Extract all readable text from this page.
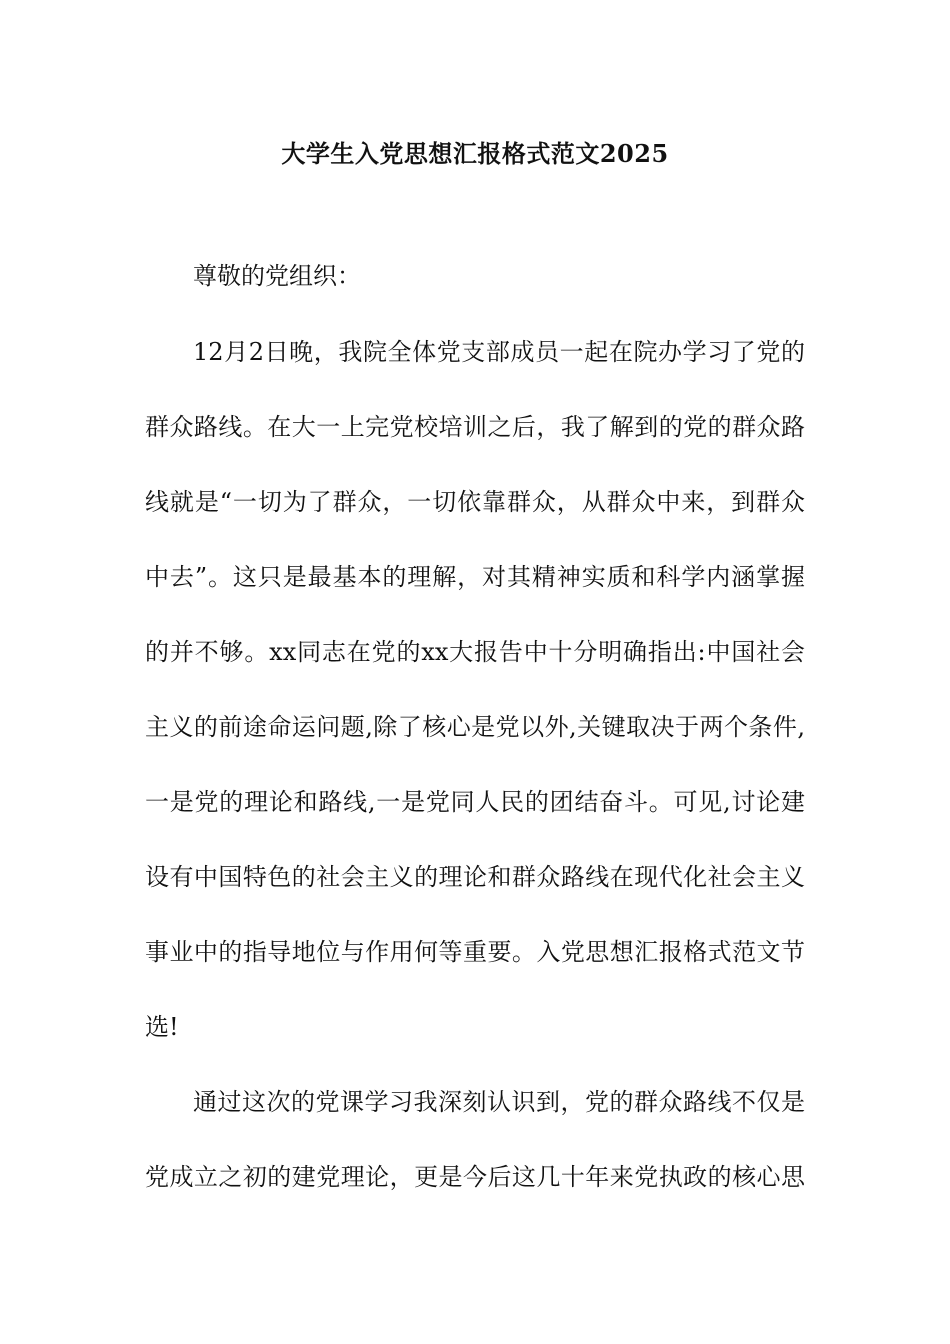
大学生入党思想汇报格式范文2025

尊敬的党组织：

12月2日晚，我院全体党支部成员一起在院办学习了党的

群众路线。在大一上完党校培训之后，我了解到的党的群众路

线就是“一切为了群众，一切依靠群众，从群众中来，到群众

中去”。这只是最基本的理解，对其精神实质和科学内涵掌握

的并不够。xx同志在党的xx大报告中十分明确指出:中国社会

主义的前途命运问题,除了核心是党以外,关键取决于两个条件,

一是党的理论和路线,一是党同人民的团结奋斗。可见,讨论建

设有中国特色的社会主义的理论和群众路线在现代化社会主义

事业中的指导地位与作用何等重要。入党思想汇报格式范文节

选!

通过这次的党课学习我深刻认识到，党的群众路线不仅是

党成立之初的建党理论，更是今后这几十年来党执政的核心思
